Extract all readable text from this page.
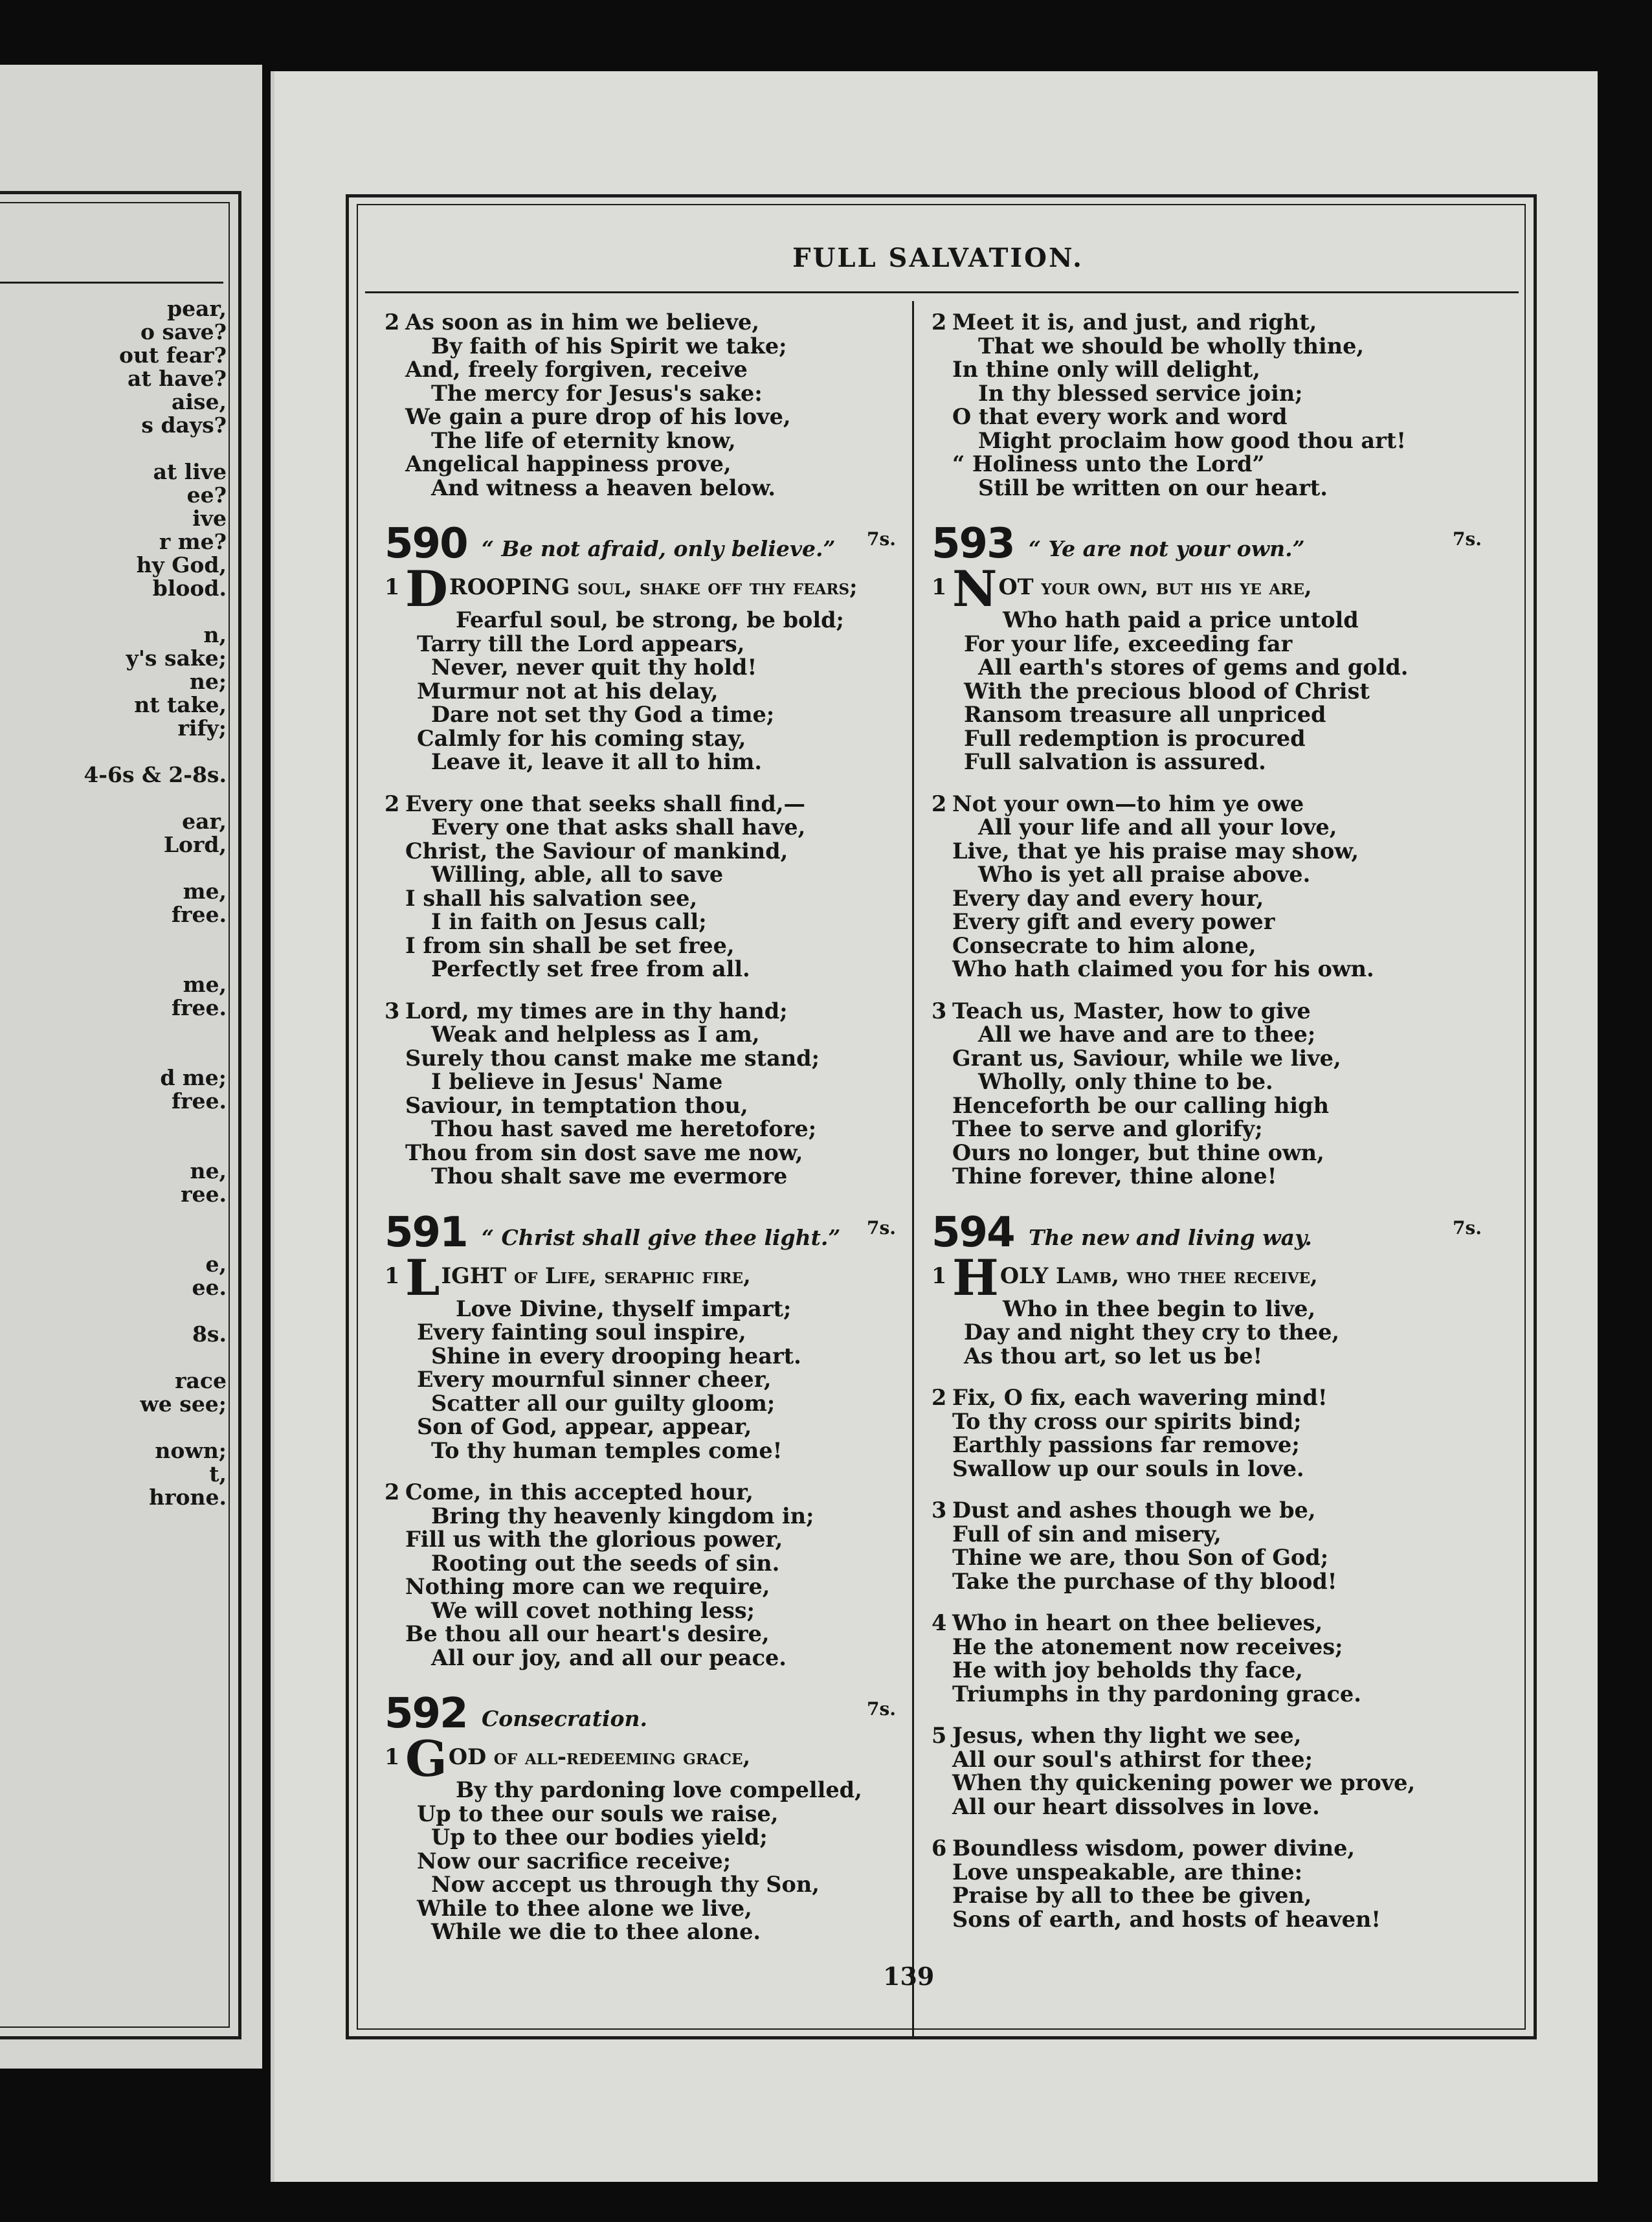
pear,
o save?
out fear?
at have?
aise,
s days?
at live
ee?
ive
r me?
hy God,
blood.
n,
y's sake;
ne;
nt take,
rify;
4-6s & 2-8s.
ear,
Lord,
me,
free.
me,
free.
d me;
free.
ne,
ree.
e,
ee.
8s.
race
we see;
nown;
t,
hrone.
FULL SALVATION.
2 As soon as in him we believe,
By faith of his Spirit we take;
And, freely forgiven, receive
The mercy for Jesus's sake:
We gain a pure drop of his love,
The life of eternity know,
Angelical happiness prove,
And witness a heaven below.
590 “ Be not afraid, only believe.” 7s.
1 DROOPING soul, shake off thy fears;
Fearful soul, be strong, be bold;
Tarry till the Lord appears,
Never, never quit thy hold!
Murmur not at his delay,
Dare not set thy God a time;
Calmly for his coming stay,
Leave it, leave it all to him.
2 Every one that seeks shall find,—
Every one that asks shall have,
Christ, the Saviour of mankind,
Willing, able, all to save
I shall his salvation see,
I in faith on Jesus call;
I from sin shall be set free,
Perfectly set free from all.
3 Lord, my times are in thy hand;
Weak and helpless as I am,
Surely thou canst make me stand;
I believe in Jesus' Name
Saviour, in temptation thou,
Thou hast saved me heretofore;
Thou from sin dost save me now,
Thou shalt save me evermore
591 “ Christ shall give thee light.” 7s.
1 LIGHT of Life, seraphic fire,
Love Divine, thyself impart;
Every fainting soul inspire,
Shine in every drooping heart.
Every mournful sinner cheer,
Scatter all our guilty gloom;
Son of God, appear, appear,
To thy human temples come!
2 Come, in this accepted hour,
Bring thy heavenly kingdom in;
Fill us with the glorious power,
Rooting out the seeds of sin.
Nothing more can we require,
We will covet nothing less;
Be thou all our heart's desire,
All our joy, and all our peace.
592 Consecration.	7s.
1 GOD of all-redeeming grace,
By thy pardoning love compelled,
Up to thee our souls we raise,
Up to thee our bodies yield;
Now our sacrifice receive;
Now accept us through thy Son,
While to thee alone we live,
While we die to thee alone.
2 Meet it is, and just, and right,
That we should be wholly thine,
In thine only will delight,
In thy blessed service join;
O that every work and word
Might proclaim how good thou art!
“ Holiness unto the Lord”
Still be written on our heart.
593 “ Ye are not your own.”	7s.
1 NOT your own, but his ye are,
Who hath paid a price untold
For your life, exceeding far
All earth's stores of gems and gold.
With the precious blood of Christ
Ransom treasure all unpriced
Full redemption is procured
Full salvation is assured.
2 Not your own—to him ye owe
All your life and all your love,
Live, that ye his praise may show,
Who is yet all praise above.
Every day and every hour,
Every gift and every power
Consecrate to him alone,
Who hath claimed you for his own.
3 Teach us, Master, how to give
All we have and are to thee;
Grant us, Saviour, while we live,
Wholly, only thine to be.
Henceforth be our calling high
Thee to serve and glorify;
Ours no longer, but thine own,
Thine forever, thine alone!
594 The new and living way.	7s.
1 HOLY Lamb, who thee receive,
Who in thee begin to live,
Day and night they cry to thee,
As thou art, so let us be!
2 Fix, O fix, each wavering mind!
To thy cross our spirits bind;
Earthly passions far remove;
Swallow up our souls in love.
3 Dust and ashes though we be,
Full of sin and misery,
Thine we are, thou Son of God;
Take the purchase of thy blood!
4 Who in heart on thee believes,
He the atonement now receives;
He with joy beholds thy face,
Triumphs in thy pardoning grace.
5 Jesus, when thy light we see,
All our soul's athirst for thee;
When thy quickening power we prove,
All our heart dissolves in love.
6 Boundless wisdom, power divine,
Love unspeakable, are thine:
Praise by all to thee be given,
Sons of earth, and hosts of heaven!
139
